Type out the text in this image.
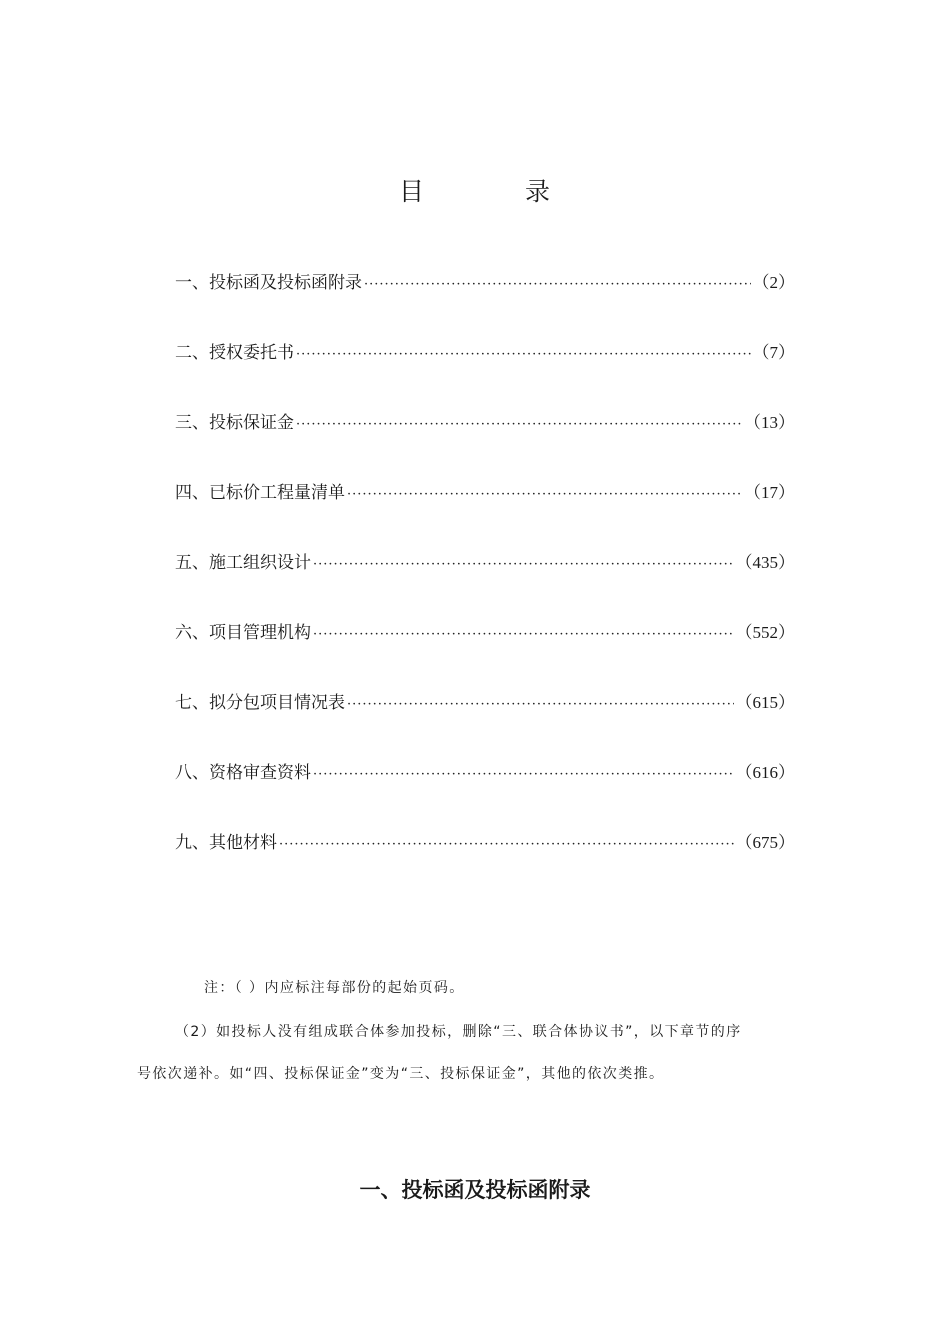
目	录
一、投标函及投标函附录 ·····	（2）
二、授权委托书 ·····	（7）
三、投标保证金 ·····	（13）
四、已标价工程量清单 ·····	（17）
五、施工组织设计 ·····	（435）
六、项目管理机构 ·····	（552）
七、拟分包项目情况表 ·····	（615）
八、资格审查资料 ·····	（616）
九、其他材料 ·····	（675）
注：（ ）内应标注每部份的起始页码。
（2）如投标人没有组成联合体参加投标，删除“三、联合体协议书”，以下章节的序
号依次递补。如“四、投标保证金”变为“三、投标保证金”，其他的依次类推。
一、投标函及投标函附录
